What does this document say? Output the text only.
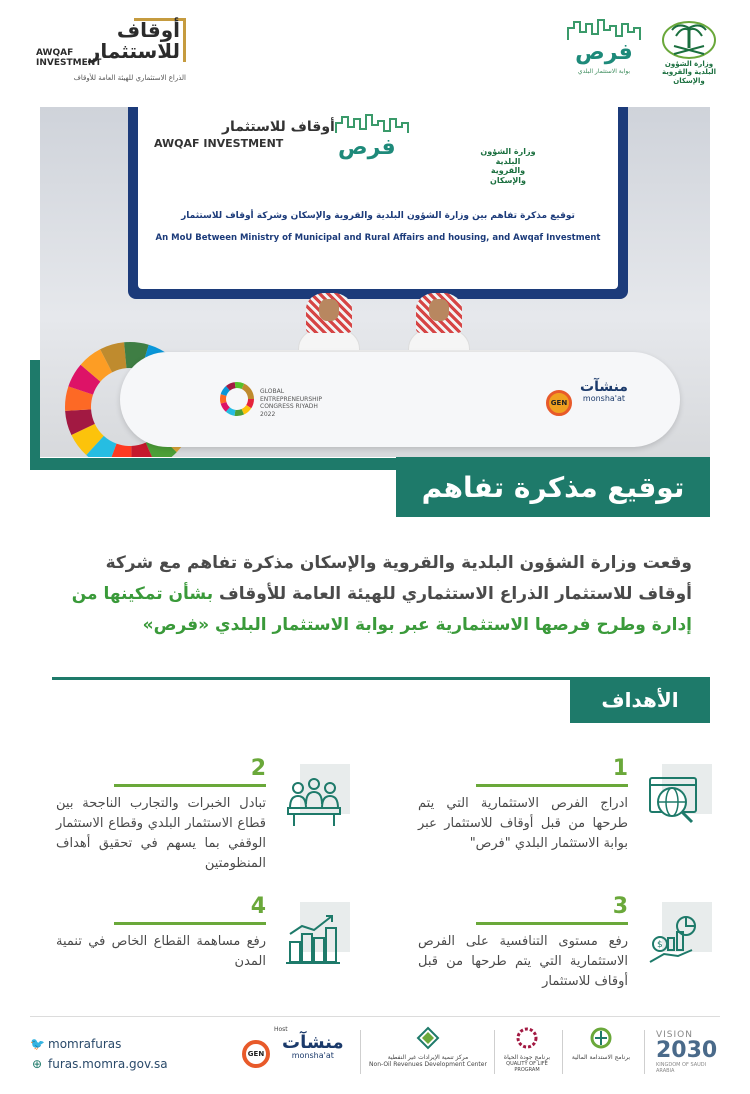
أوقاف للاستثمار
AWQAF INVESTMENT
الذراع الاستثماري للهيئة العامة للأوقاف
فرص
بوابة الاستثمار البلدي
وزارة الشؤون البلدية والقروية والإسكان
AWQAF INVESTMENT
أوقاف للاستثمار
فرص	وزارة الشؤون البلدية والقروية والإسكان
توقيع مذكرة تفاهم بين وزارة الشؤون البلدية والقروية والإسكان وشركة أوقاف للاستثمار
An MoU Between Ministry of Municipal and Rural Affairs and housing, and Awqaf Investment
GLOBAL ENTREPRENEURSHIP CONGRESS RIYADH 2022
GEN
منشآت
monsha'at
توقيع مذكرة تفاهم
وقعت وزارة الشؤون البلدية والقروية والإسكان مذكرة تفاهم مع شركة أوقاف للاستثمار الذراع الاستثماري للهيئة العامة للأوقاف بشأن تمكينها من إدارة وطرح فرصها الاستثمارية عبر بوابة الاستثمار البلدي «فرص»
الأهداف
1
ادراج الفرص الاستثمارية التي يتم طرحها من قبل أوقاف للاستثمار عبر بوابة الاستثمار البلدي "فرص"
2
تبادل الخبرات والتجارب الناجحة بين قطاع الاستثمار البلدي وقطاع الاستثمار الوقفي بما يسهم في تحقيق أهداف المنظومتين
3
رفع مستوى التنافسية على الفرص الاستثمارية التي يتم طرحها من قبل أوقاف للاستثمار
$
4
رفع مساهمة القطاع الخاص في تنمية المدن
🐦 momrafuras
⊕ furas.momra.gov.sa
Host
GEN
منشآت
monsha'at	مركز تنمية الإيرادات غير النفطية
Non-Oil Revenues Development Center
برنامج جودة الحياة
QUALITY OF LIFE PROGRAM
برنامج الاستدامة المالية
VISION
2030
KINGDOM OF SAUDI ARABIA
